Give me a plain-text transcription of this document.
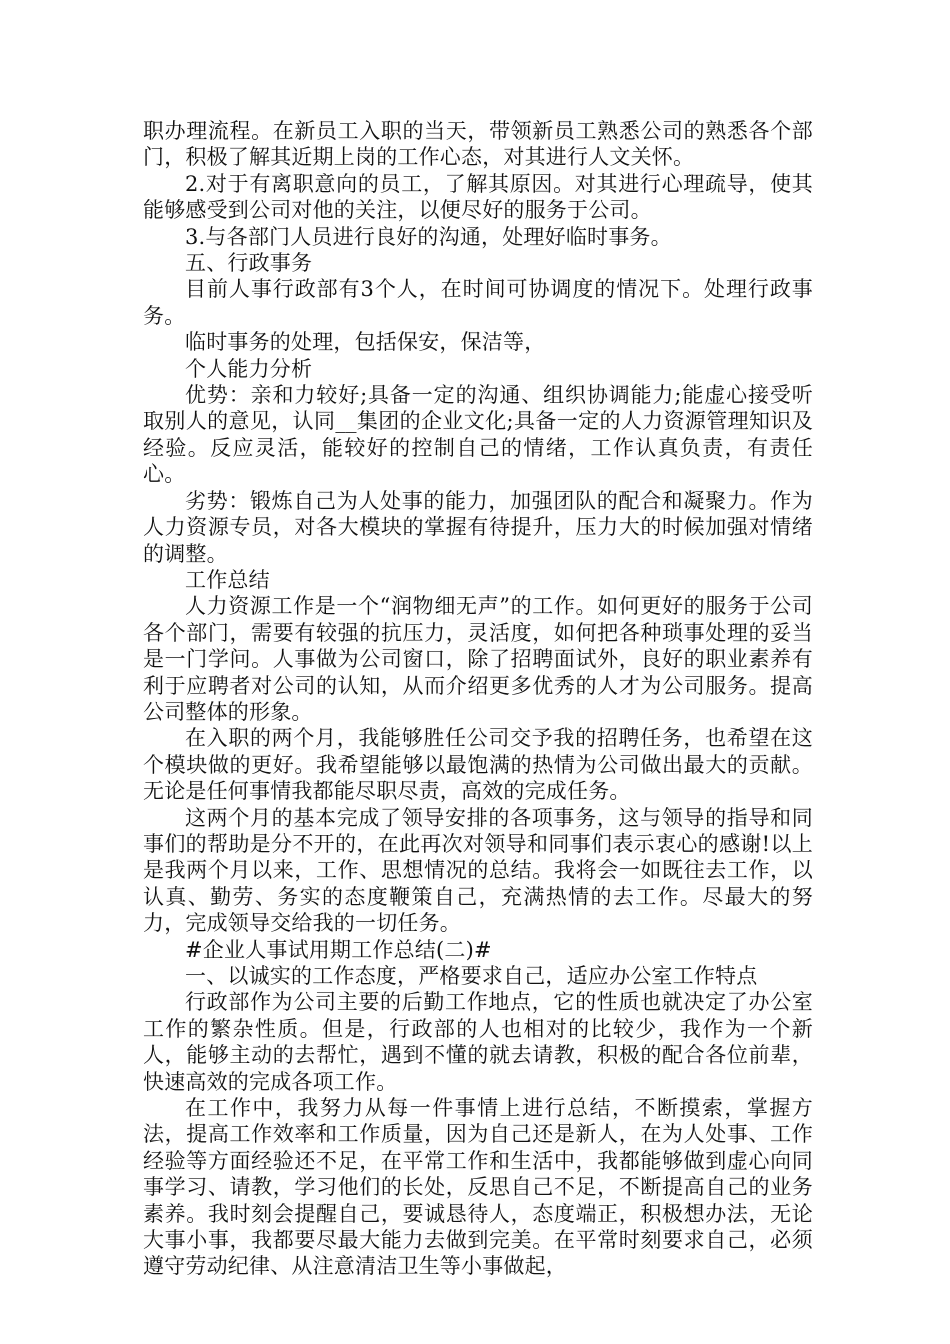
职办理流程。在新员工入职的当天，带领新员工熟悉公司的熟悉各个部门，积极了解其近期上岗的工作心态，对其进行人文关怀。

2.对于有离职意向的员工，了解其原因。对其进行心理疏导，使其能够感受到公司对他的关注，以便尽好的服务于公司。

3.与各部门人员进行良好的沟通，处理好临时事务。

五、行政事务

目前人事行政部有3个人，在时间可协调度的情况下。处理行政事务。

临时事务的处理，包括保安，保洁等，

个人能力分析

优势：亲和力较好;具备一定的沟通、组织协调能力;能虚心接受听取别人的意见，认同__集团的企业文化;具备一定的人力资源管理知识及经验。反应灵活，能较好的控制自己的情绪，工作认真负责，有责任心。

劣势：锻炼自己为人处事的能力，加强团队的配合和凝聚力。作为人力资源专员，对各大模块的掌握有待提升，压力大的时候加强对情绪的调整。

工作总结

人力资源工作是一个“润物细无声”的工作。如何更好的服务于公司各个部门，需要有较强的抗压力，灵活度，如何把各种琐事处理的妥当是一门学问。人事做为公司窗口，除了招聘面试外，良好的职业素养有利于应聘者对公司的认知，从而介绍更多优秀的人才为公司服务。提高公司整体的形象。

在入职的两个月，我能够胜任公司交予我的招聘任务，也希望在这个模块做的更好。我希望能够以最饱满的热情为公司做出最大的贡献。无论是任何事情我都能尽职尽责，高效的完成任务。

这两个月的基本完成了领导安排的各项事务，这与领导的指导和同事们的帮助是分不开的，在此再次对领导和同事们表示衷心的感谢!以上是我两个月以来，工作、思想情况的总结。我将会一如既往去工作，以认真、勤劳、务实的态度鞭策自己，充满热情的去工作。尽最大的努力，完成领导交给我的一切任务。

#企业人事试用期工作总结(二)#

一、以诚实的工作态度，严格要求自己，适应办公室工作特点

行政部作为公司主要的后勤工作地点，它的性质也就决定了办公室工作的繁杂性质。但是，行政部的人也相对的比较少，我作为一个新人，能够主动的去帮忙，遇到不懂的就去请教，积极的配合各位前辈，快速高效的完成各项工作。

在工作中，我努力从每一件事情上进行总结，不断摸索，掌握方法，提高工作效率和工作质量，因为自己还是新人，在为人处事、工作经验等方面经验还不足，在平常工作和生活中，我都能够做到虚心向同事学习、请教，学习他们的长处，反思自己不足，不断提高自己的业务素养。我时刻会提醒自己，要诚恳待人，态度端正，积极想办法，无论大事小事，我都要尽最大能力去做到完美。在平常时刻要求自己，必须遵守劳动纪律、从注意清洁卫生等小事做起，
